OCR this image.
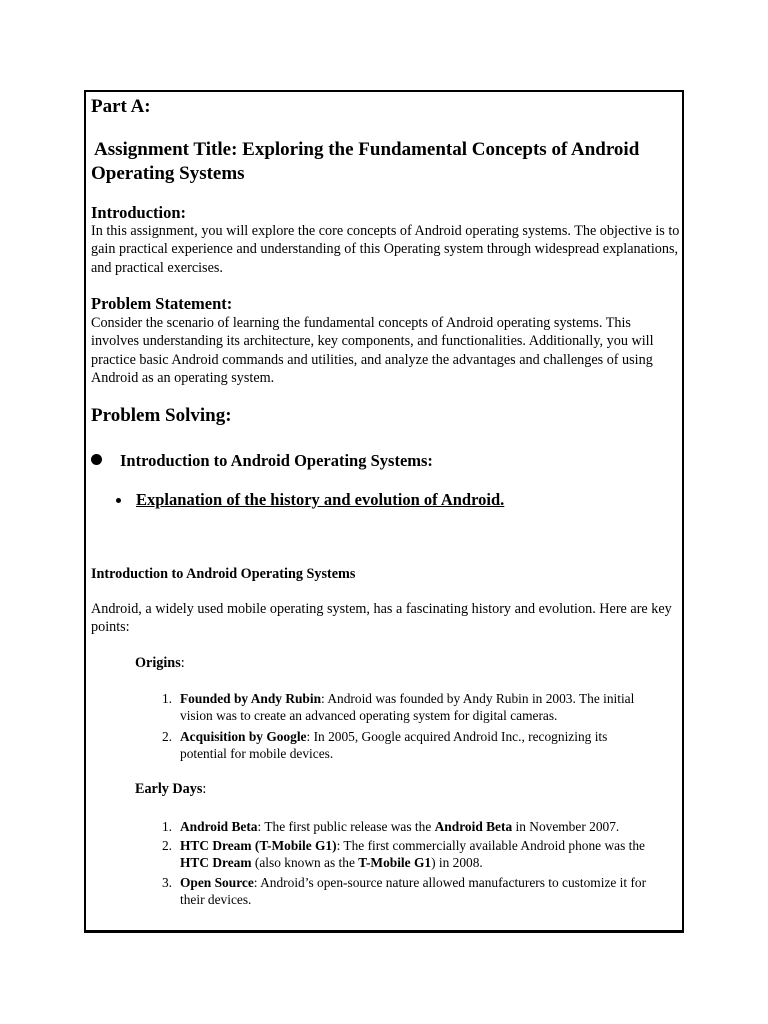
Part A:
Assignment Title: Exploring the Fundamental Concepts of Android
Operating Systems
Introduction:
In this assignment, you will explore the core concepts of Android operating systems. The objective is to gain practical experience and understanding of this Operating system through widespread explanations, and practical exercises.
Problem Statement:
Consider the scenario of learning the fundamental concepts of Android operating systems. This involves understanding its architecture, key components, and functionalities. Additionally, you will practice basic Android commands and utilities, and analyze the advantages and challenges of using Android as an operating system.
Problem Solving:
Introduction to Android Operating Systems:
Explanation of the history and evolution of Android.
Introduction to Android Operating Systems
Android, a widely used mobile operating system, has a fascinating history and evolution. Here are key points:
Origins:
1. Founded by Andy Rubin: Android was founded by Andy Rubin in 2003. The initial vision was to create an advanced operating system for digital cameras.
2. Acquisition by Google: In 2005, Google acquired Android Inc., recognizing its potential for mobile devices.
Early Days:
1. Android Beta: The first public release was the Android Beta in November 2007.
2. HTC Dream (T-Mobile G1): The first commercially available Android phone was the HTC Dream (also known as the T-Mobile G1) in 2008.
3. Open Source: Android’s open-source nature allowed manufacturers to customize it for their devices.
